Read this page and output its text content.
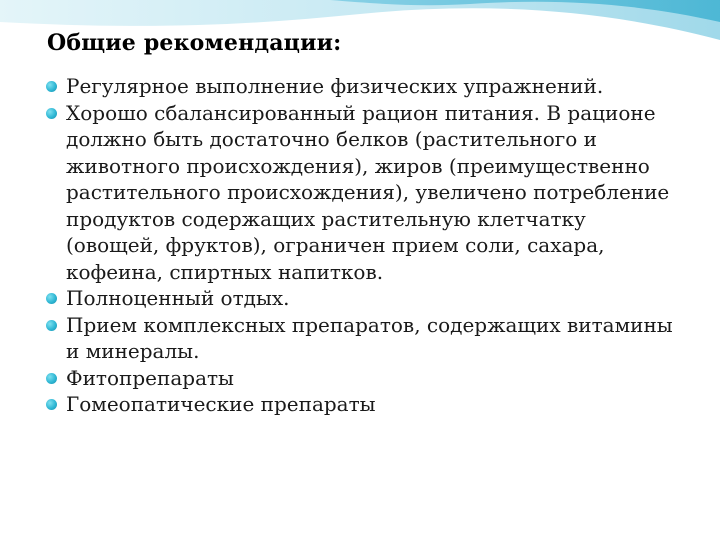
Общие рекомендации:
Регулярное выполнение физических упражнений.
Хорошо сбалансированный рацион питания. В рационе должно быть достаточно белков (растительного и животного происхождения), жиров (преимущественно растительного происхождения), увеличено потребление продуктов содержащих растительную клетчатку (овощей, фруктов), ограничен прием соли, сахара, кофеина, спиртных напитков.
Полноценный отдых.
Прием комплексных препаратов, содержащих витамины и минералы.
Фитопрепараты
Гомеопатические препараты
